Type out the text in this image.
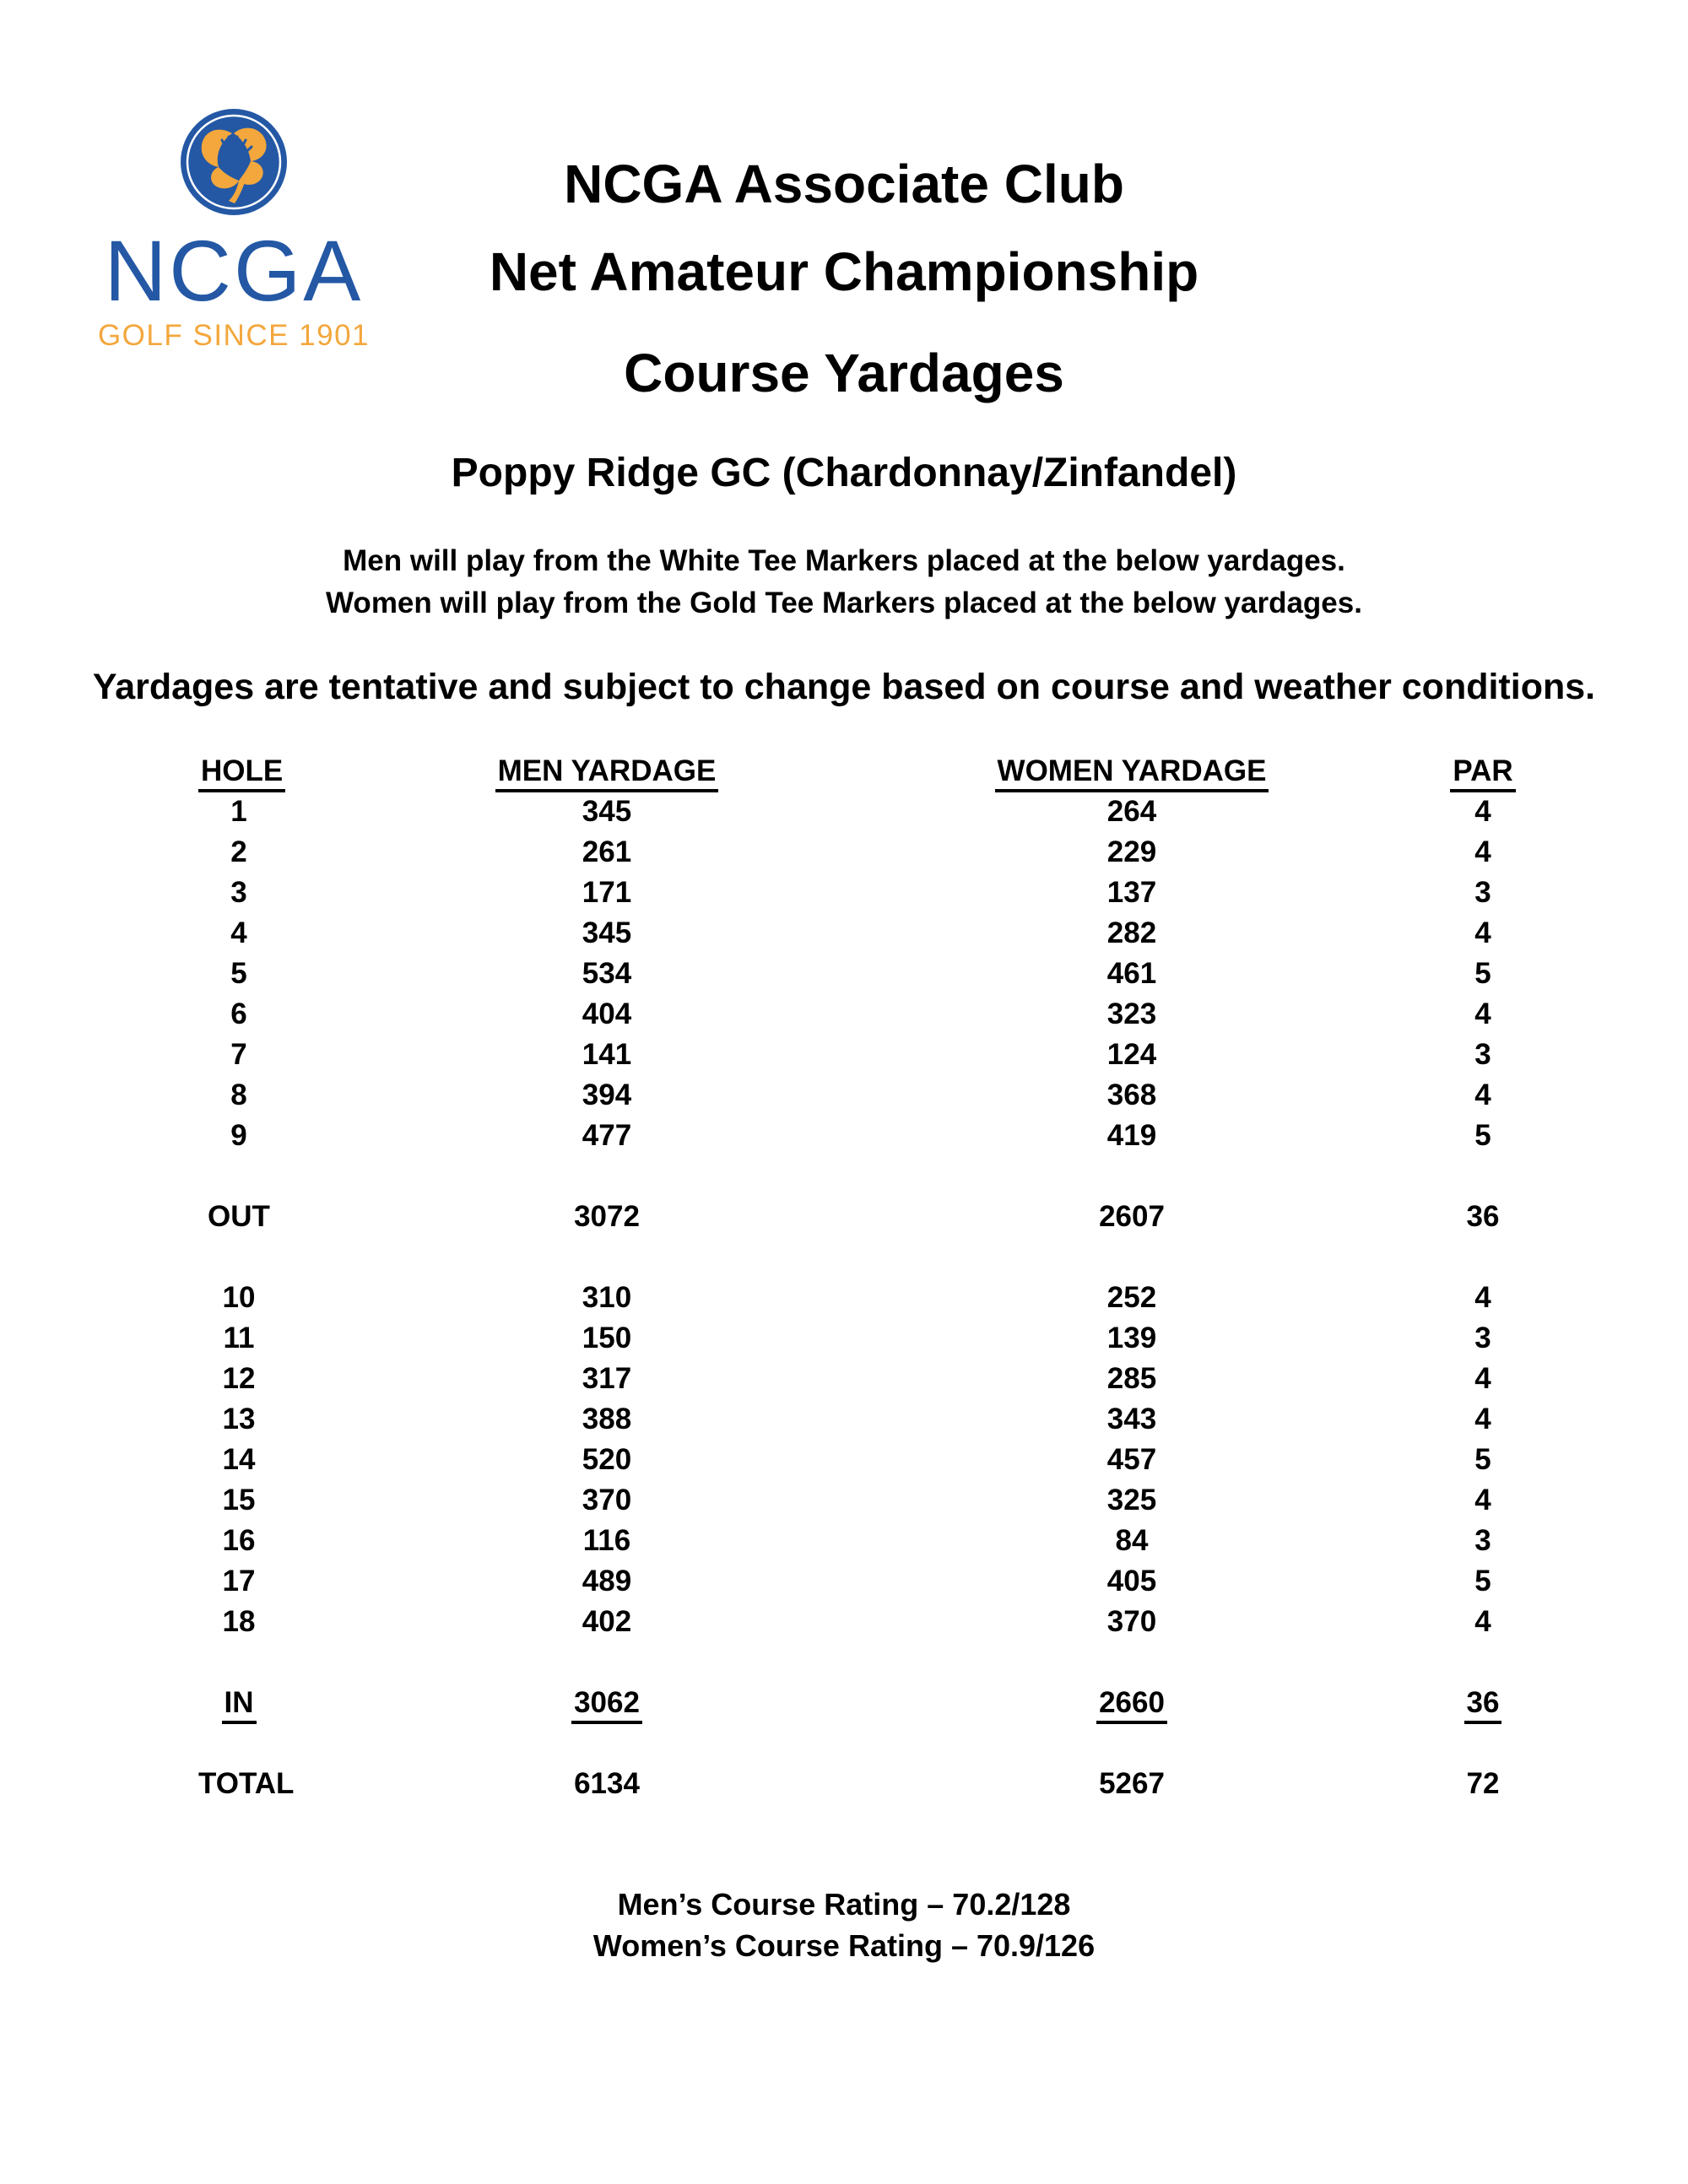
NCGA
GOLF SINCE 1901
NCGA Associate Club
Net Amateur Championship
Course Yardages
Poppy Ridge GC (Chardonnay/Zinfandel)
Men will play from the White Tee Markers placed at the below yardages.
Women will play from the Gold Tee Markers placed at the below yardages.
Yardages are tentative and subject to change based on course and weather conditions.
HOLE	MEN YARDAGE	WOMEN YARDAGE	PAR
1	345	264	4
2	261	229	4
3	171	137	3
4	345	282	4
5	534	461	5
6	404	323	4
7	141	124	3
8	394	368	4
9	477	419	5
OUT	3072	2607	36
10	310	252	4
11	150	139	3
12	317	285	4
13	388	343	4
14	520	457	5
15	370	325	4
16	116	84	3
17	489	405	5
18	402	370	4
IN	3062	2660	36
TOTAL	6134	5267	72
Men’s Course Rating – 70.2/128
Women’s Course Rating – 70.9/126
